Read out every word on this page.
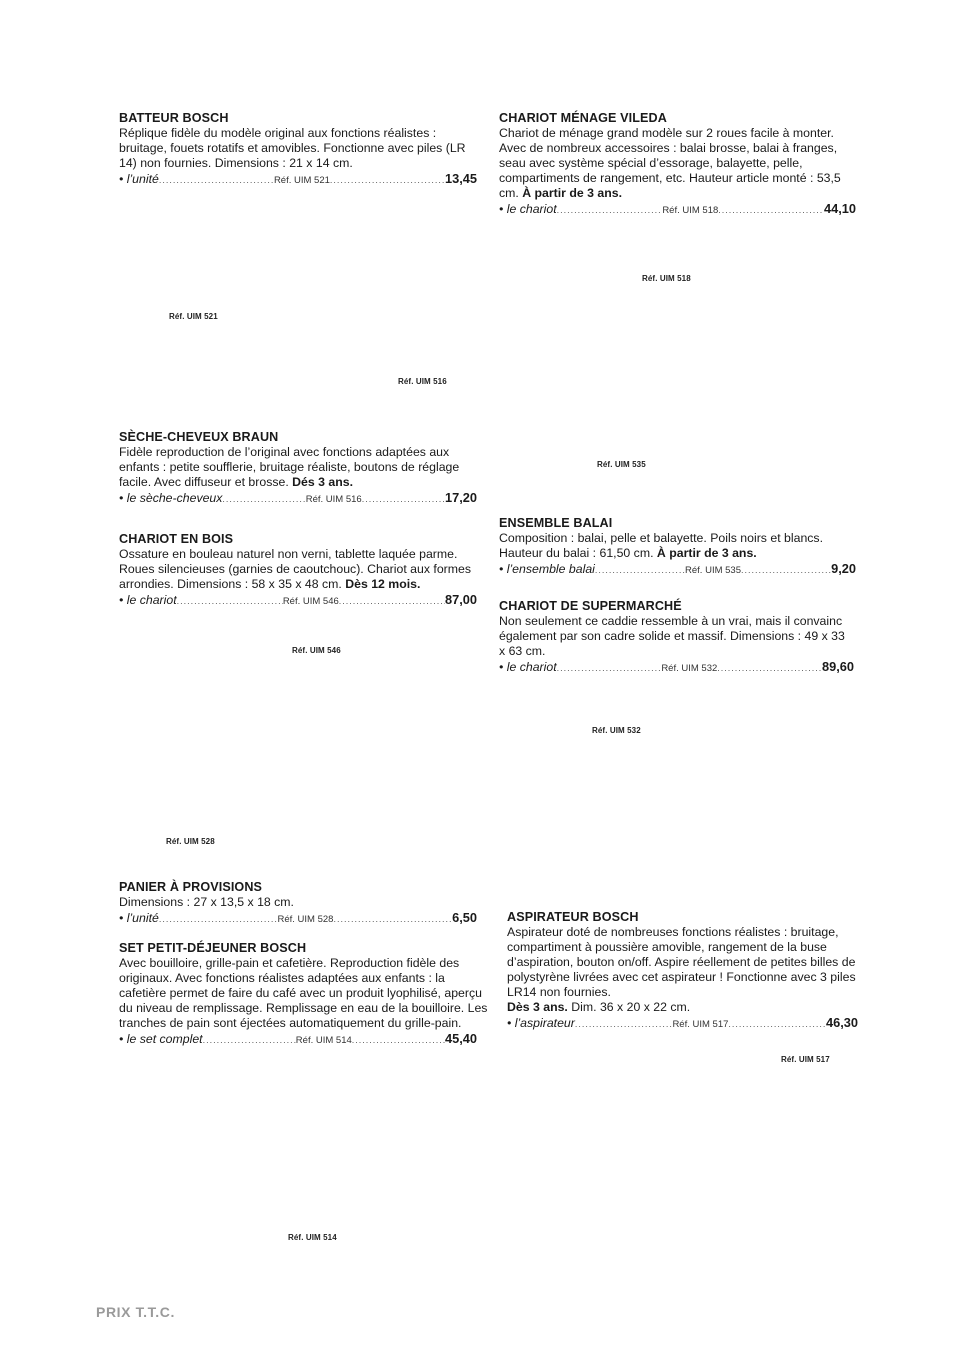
BATTEUR BOSCH

Réplique fidèle du modèle original aux fonctions réalistes : bruitage, fouets rotatifs et amovibles. Fonctionne avec piles (LR 14) non fournies. Dimensions : 21 x 14 cm.

• l’unité .....	Réf. UIM 521 .....	13,45

CHARIOT MÉNAGE VILEDA

Chariot de ménage grand modèle sur 2 roues facile à monter. Avec de nombreux accessoires : balai brosse, balai à franges, seau avec système spécial d’essorage, balayette, pelle, compartiments de rangement, etc. Hauteur article monté : 53,5 cm. À partir de 3 ans.

• le chariot .....	Réf. UIM 518 .....	44,10

SÈCHE-CHEVEUX BRAUN

Fidèle reproduction de l’original avec fonctions adaptées aux enfants : petite soufflerie, bruitage réaliste, boutons de réglage facile. Avec diffuseur et brosse. Dés 3 ans.

• le sèche-cheveux .....	Réf. UIM 516 .....	17,20

CHARIOT EN BOIS

Ossature en bouleau naturel non verni, tablette laquée parme. Roues silencieuses (garnies de caoutchouc). Chariot aux formes arrondies. Dimensions : 58 x 35 x 48 cm. Dès 12 mois.

• le chariot .....	Réf. UIM 546 .....	87,00

ENSEMBLE BALAI

Composition : balai, pelle et balayette. Poils noirs et blancs. Hauteur du balai : 61,50 cm. À partir de 3 ans.

• l’ensemble balai .....	Réf. UIM 535 .....	9,20

CHARIOT DE SUPERMARCHÉ

Non seulement ce caddie ressemble à un vrai, mais il convainc également par son cadre solide et massif. Dimensions : 49 x 33 x 63 cm.

• le chariot .....	Réf. UIM 532 .....	89,60

PANIER À PROVISIONS

Dimensions : 27 x 13,5 x 18 cm.

• l’unité .....	Réf. UIM 528 .....	6,50

SET PETIT-DÉJEUNER BOSCH

Avec bouilloire, grille-pain et cafetière. Reproduction fidèle des originaux. Avec fonctions réalistes adaptées aux enfants : la cafetière permet de faire du café avec un produit lyophilisé, aperçu du niveau de remplissage. Remplissage en eau de la bouilloire. Les tranches de pain sont éjectées automatiquement du grille-pain.

• le set complet .....	Réf. UIM 514 .....	45,40

ASPIRATEUR BOSCH

Aspirateur doté de nombreuses fonctions réalistes : bruitage, compartiment à poussière amovible, rangement de la buse d’aspiration, bouton on/off. Aspire réellement de petites billes de polystyrène livrées avec cet aspirateur ! Fonctionne avec 3 piles LR14 non fournies.

Dès 3 ans. Dim. 36 x 20 x 22 cm.

• l’aspirateur .....	Réf. UIM 517 .....	46,30
Réf. UIM 518
Réf. UIM 521
Réf. UIM 516
Réf. UIM 535
Réf. UIM 546
Réf. UIM 532
Réf. UIM 528
Réf. UIM 517
Réf. UIM 514
PRIX T.T.C.
